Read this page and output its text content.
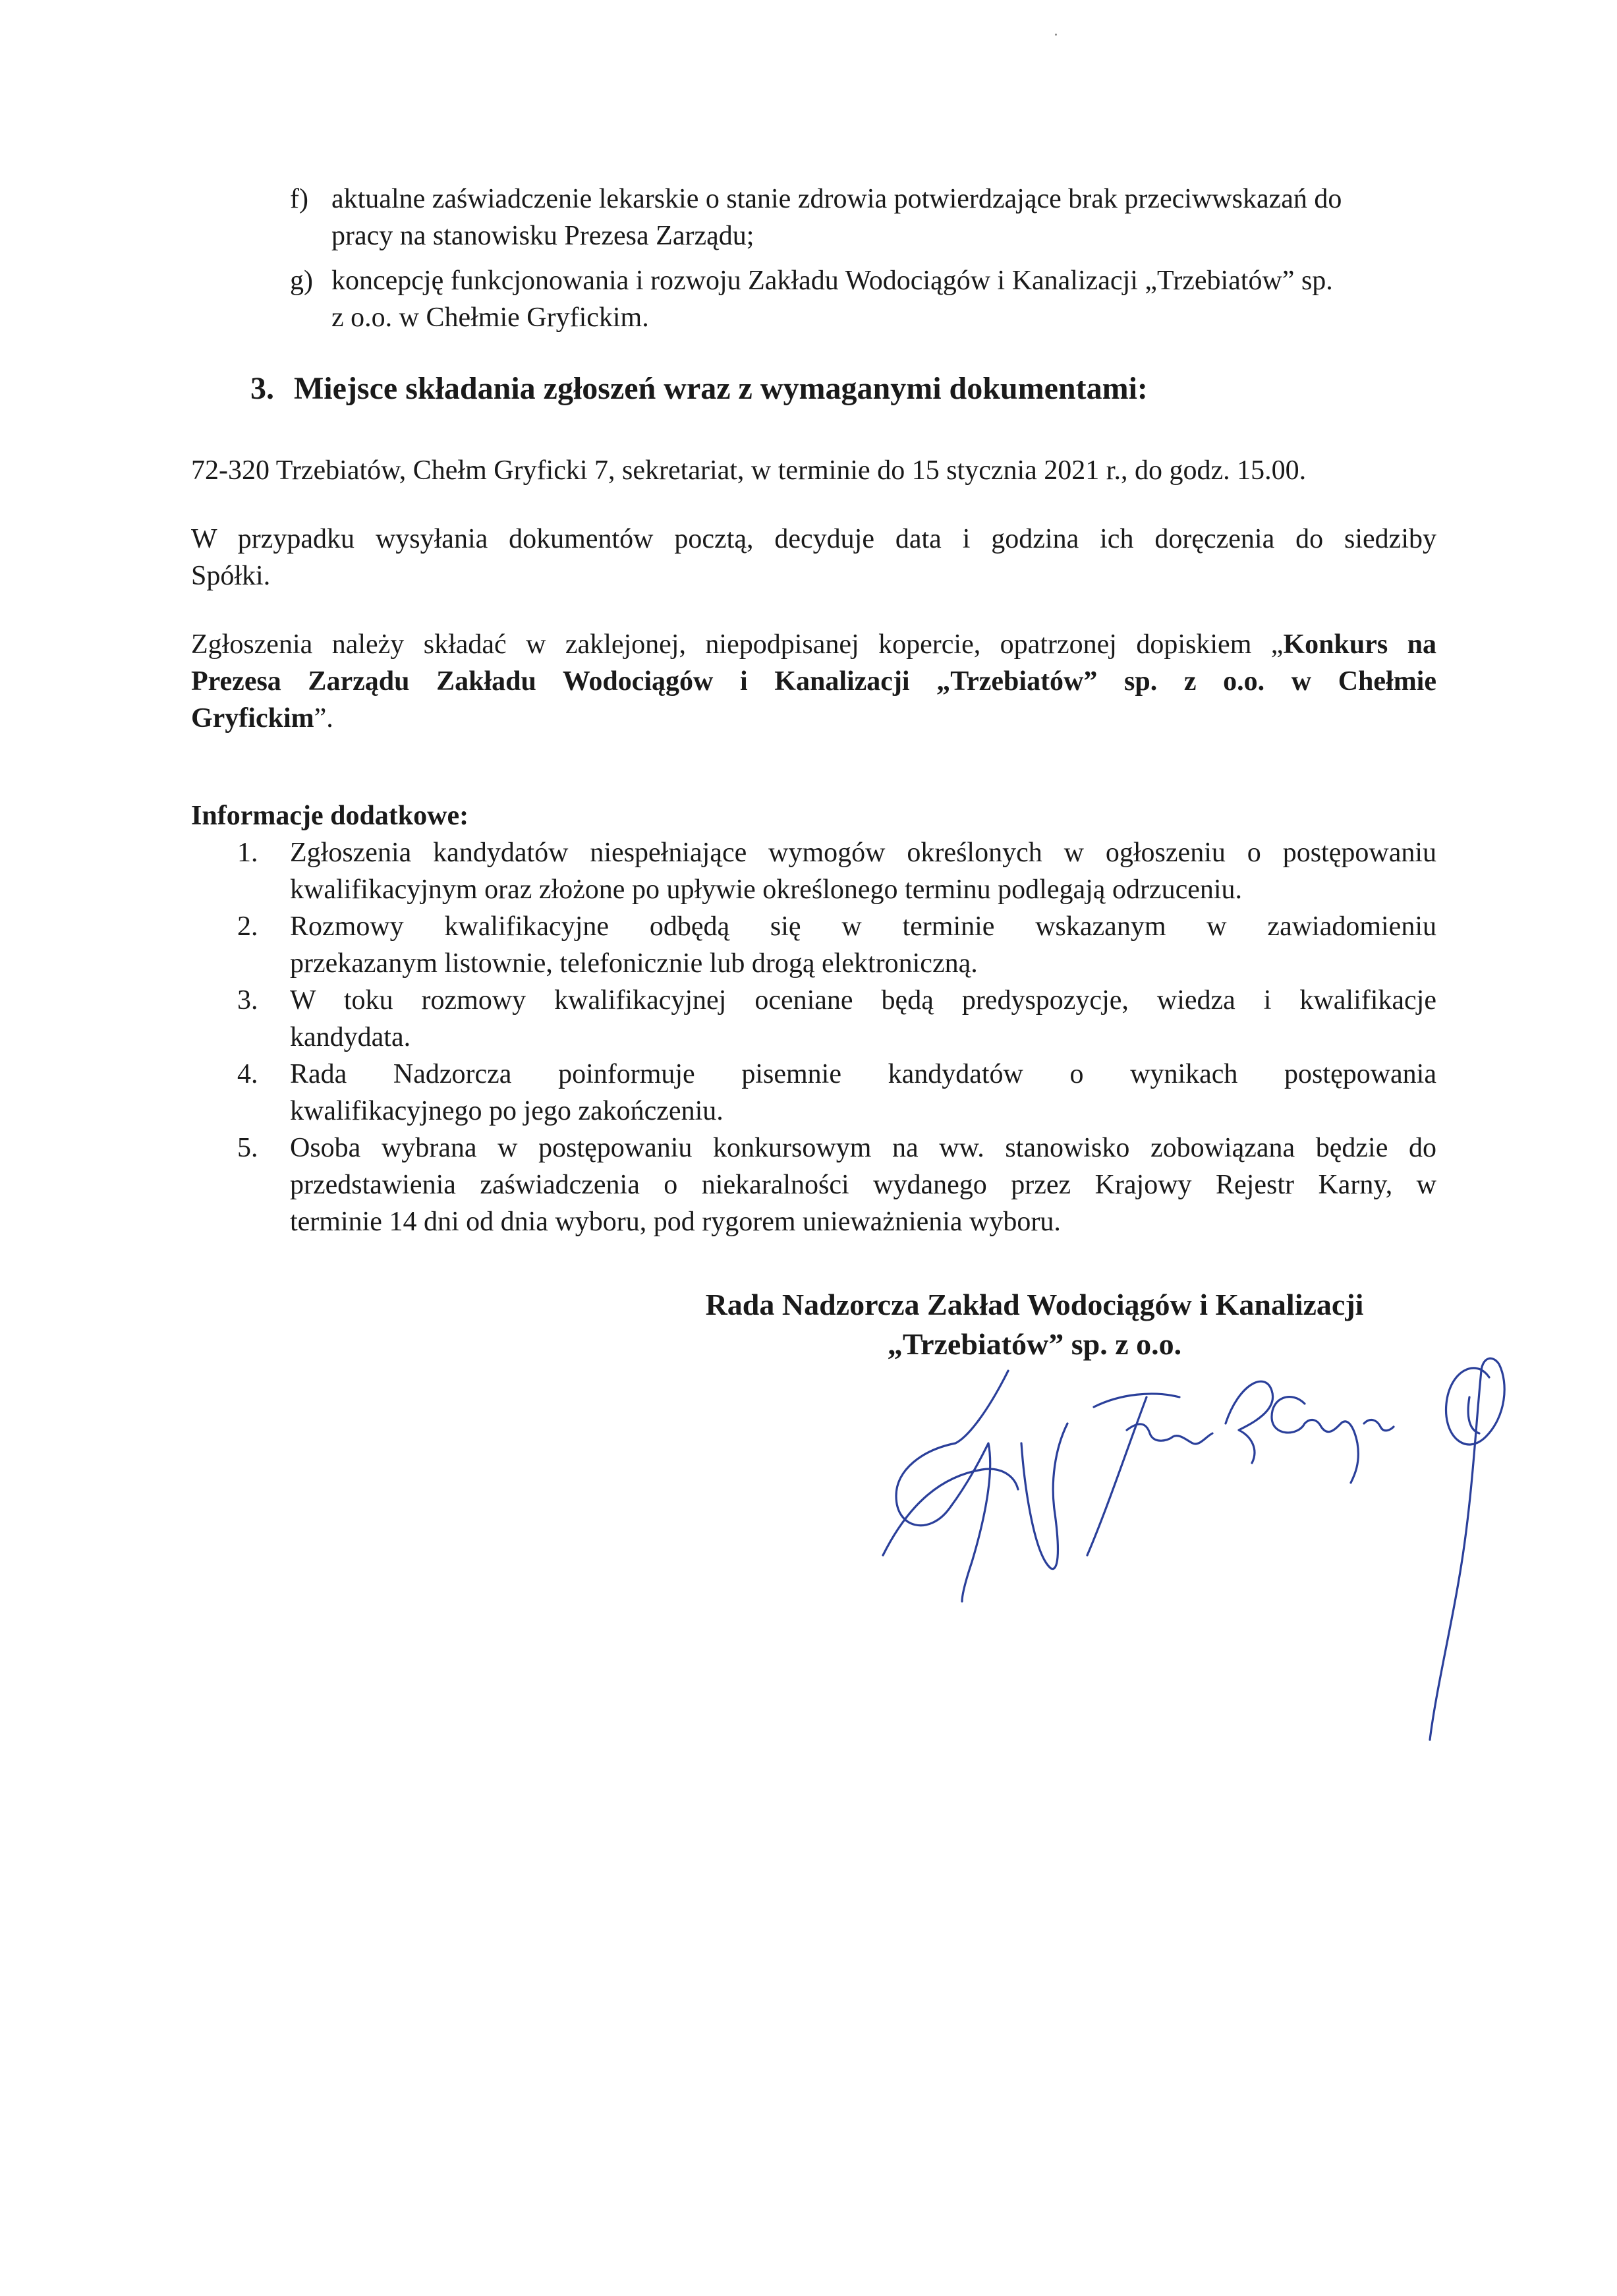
f) aktualne zaświadczenie lekarskie o stanie zdrowia potwierdzające brak przeciwwskazań do
pracy na stanowisku Prezesa Zarządu;
g) koncepcję funkcjonowania i rozwoju Zakładu Wodociągów i Kanalizacji „Trzebiatów” sp.
z o.o. w Chełmie Gryfickim.
3. Miejsce składania zgłoszeń wraz z wymaganymi dokumentami:
72-320 Trzebiatów, Chełm Gryficki 7, sekretariat, w terminie do 15 stycznia 2021 r., do godz. 15.00.
W przypadku wysyłania dokumentów pocztą, decyduje data i godzina ich doręczenia do siedziby
Spółki.
Zgłoszenia należy składać w zaklejonej, niepodpisanej kopercie, opatrzonej dopiskiem „Konkurs na
Prezesa Zarządu Zakładu Wodociągów i Kanalizacji „Trzebiatów” sp. z o.o. w Chełmie
Gryfickim”.
Informacje dodatkowe:
1. Zgłoszenia kandydatów niespełniające wymogów określonych w ogłoszeniu o postępowaniu
kwalifikacyjnym oraz złożone po upływie określonego terminu podlegają odrzuceniu.
2. Rozmowy kwalifikacyjne odbędą się w terminie wskazanym w zawiadomieniu
przekazanym listownie, telefonicznie lub drogą elektroniczną.
3. W toku rozmowy kwalifikacyjnej oceniane będą predyspozycje, wiedza i kwalifikacje
kandydata.
4. Rada Nadzorcza poinformuje pisemnie kandydatów o wynikach postępowania
kwalifikacyjnego po jego zakończeniu.
5. Osoba wybrana w postępowaniu konkursowym na ww. stanowisko zobowiązana będzie do
przedstawienia zaświadczenia o niekaralności wydanego przez Krajowy Rejestr Karny, w
terminie 14 dni od dnia wyboru, pod rygorem unieważnienia wyboru.
Rada Nadzorcza Zakład Wodociągów i Kanalizacji
„Trzebiatów” sp. z o.o.
